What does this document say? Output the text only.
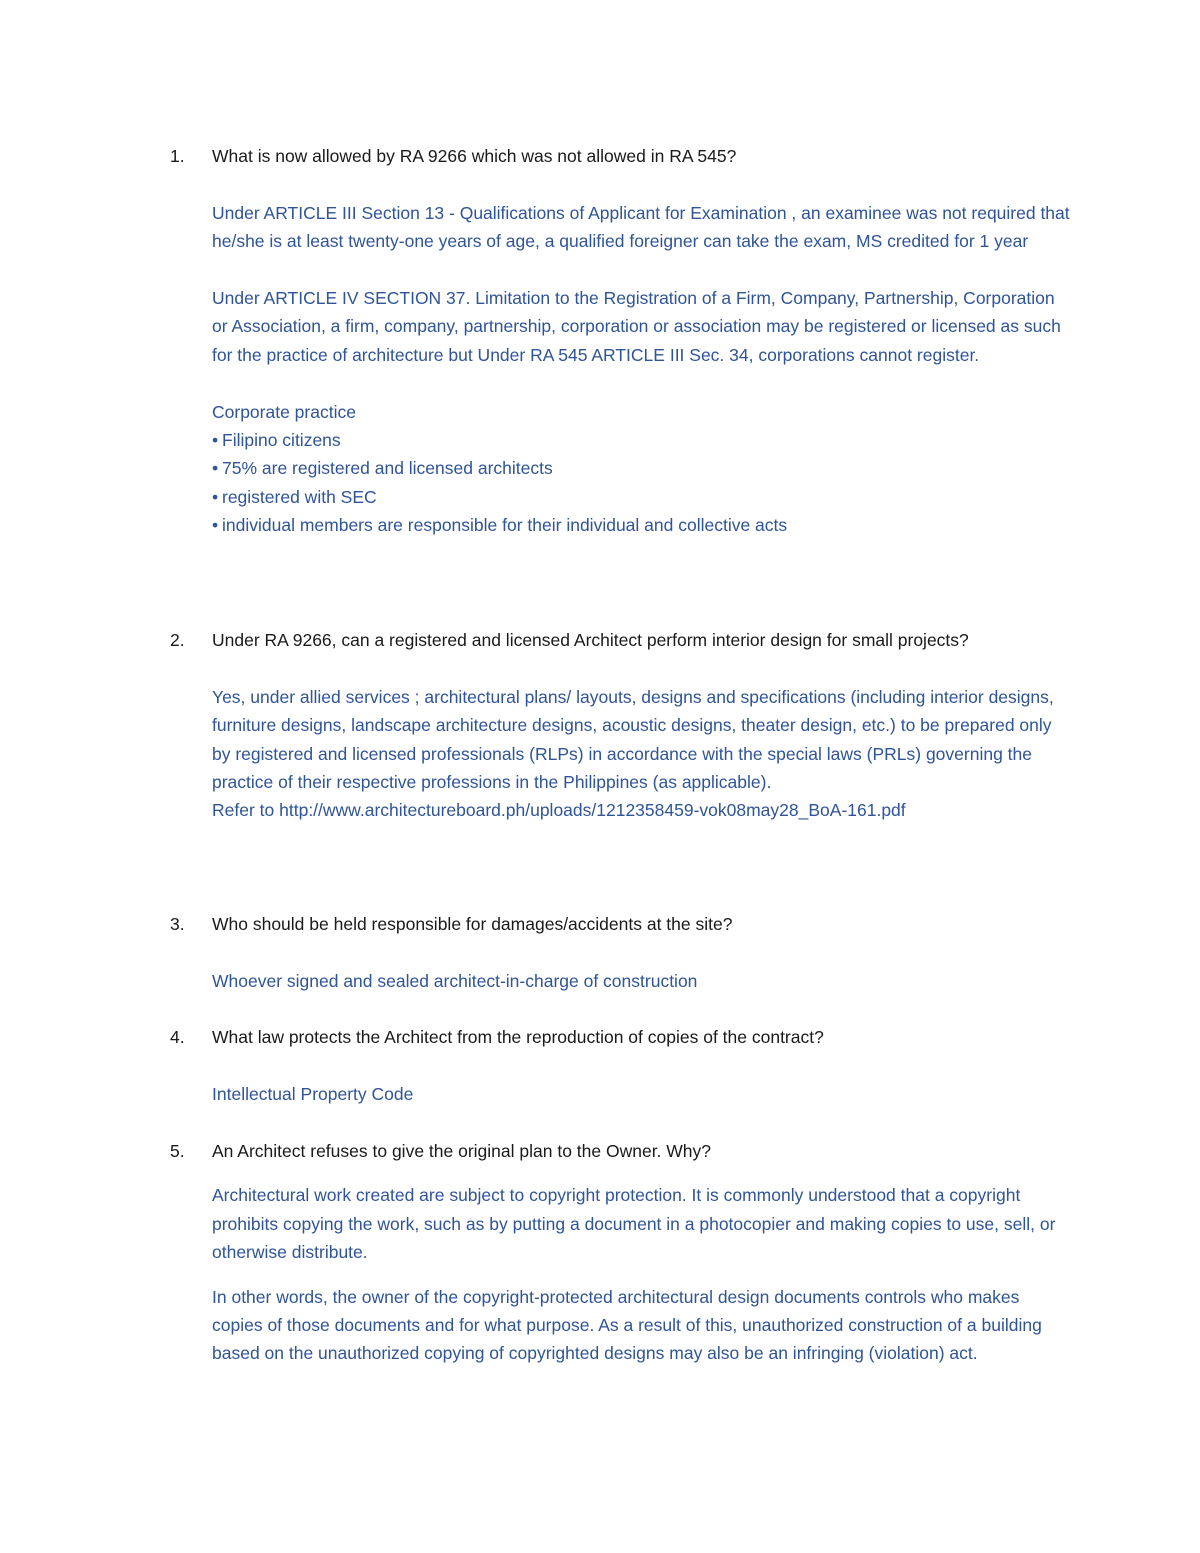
1.	What is now allowed by RA 9266 which was not allowed in RA 545?
Under ARTICLE III Section 13 - Qualifications of Applicant for Examination , an examinee was not required that he/she is at least twenty-one years of age, a qualified foreigner can take the exam, MS credited for 1 year
Under ARTICLE IV SECTION 37. Limitation to the Registration of a Firm, Company, Partnership, Corporation or Association, a firm, company, partnership, corporation or association may be registered or licensed as such for the practice of architecture but Under RA 545 ARTICLE III Sec. 34, corporations cannot register.
Corporate practice
• Filipino citizens
• 75% are registered and licensed architects
• registered with SEC
• individual members are responsible for their individual and collective acts
2.	Under RA 9266, can a registered and licensed Architect perform interior design for small projects?
Yes, under allied services ; architectural plans/ layouts, designs and specifications (including interior designs, furniture designs, landscape architecture designs, acoustic designs, theater design, etc.) to be prepared only by registered and licensed professionals (RLPs) in accordance with the special laws (PRLs) governing the practice of their respective professions in the Philippines (as applicable).
Refer to http://www.architectureboard.ph/uploads/1212358459-vok08may28_BoA-161.pdf
3.	Who should be held responsible for damages/accidents at the site?
Whoever signed and sealed architect-in-charge of construction
4.	What law protects the Architect from the reproduction of copies of the contract?
Intellectual Property Code
5.	An Architect refuses to give the original plan to the Owner. Why?
Architectural work created are subject to copyright protection. It is commonly understood that a copyright prohibits copying the work, such as by putting a document in a photocopier and making copies to use, sell, or otherwise distribute.
In other words, the owner of the copyright-protected architectural design documents controls who makes copies of those documents and for what purpose. As a result of this, unauthorized construction of a building based on the unauthorized copying of copyrighted designs may also be an infringing (violation) act.
